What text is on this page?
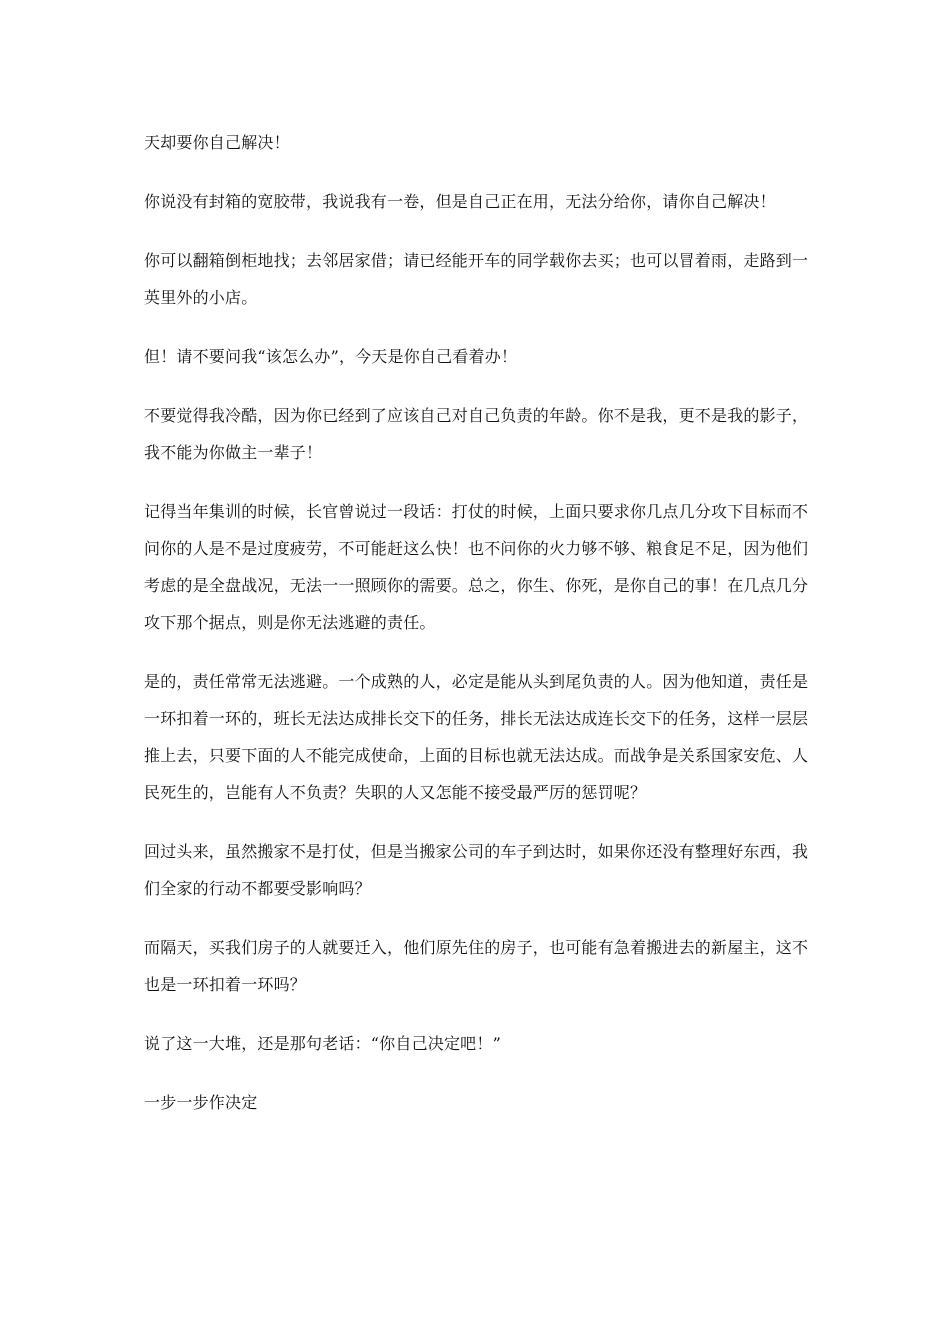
天却要你自己解决！

你说没有封箱的宽胶带，我说我有一卷，但是自己正在用，无法分给你，请你自己解决！

你可以翻箱倒柜地找；去邻居家借；请已经能开车的同学载你去买；也可以冒着雨，走路到一英里外的小店。

但！请不要问我“该怎么办”，今天是你自己看着办！

不要觉得我冷酷，因为你已经到了应该自己对自己负责的年龄。你不是我，更不是我的影子，我不能为你做主一辈子！

记得当年集训的时候，长官曾说过一段话：打仗的时候，上面只要求你几点几分攻下目标而不问你的人是不是过度疲劳，不可能赶这么快！也不问你的火力够不够、粮食足不足，因为他们考虑的是全盘战况，无法一一照顾你的需要。总之，你生、你死，是你自己的事！在几点几分攻下那个据点，则是你无法逃避的责任。

是的，责任常常无法逃避。一个成熟的人，必定是能从头到尾负责的人。因为他知道，责任是一环扣着一环的，班长无法达成排长交下的任务，排长无法达成连长交下的任务，这样一层层推上去，只要下面的人不能完成使命，上面的目标也就无法达成。而战争是关系国家安危、人民死生的，岂能有人不负责？失职的人又怎能不接受最严厉的惩罚呢？

回过头来，虽然搬家不是打仗，但是当搬家公司的车子到达时，如果你还没有整理好东西，我们全家的行动不都要受影响吗？

而隔天，买我们房子的人就要迁入，他们原先住的房子，也可能有急着搬进去的新屋主，这不也是一环扣着一环吗？

说了这一大堆，还是那句老话：“你自己决定吧！”

一步一步作决定
